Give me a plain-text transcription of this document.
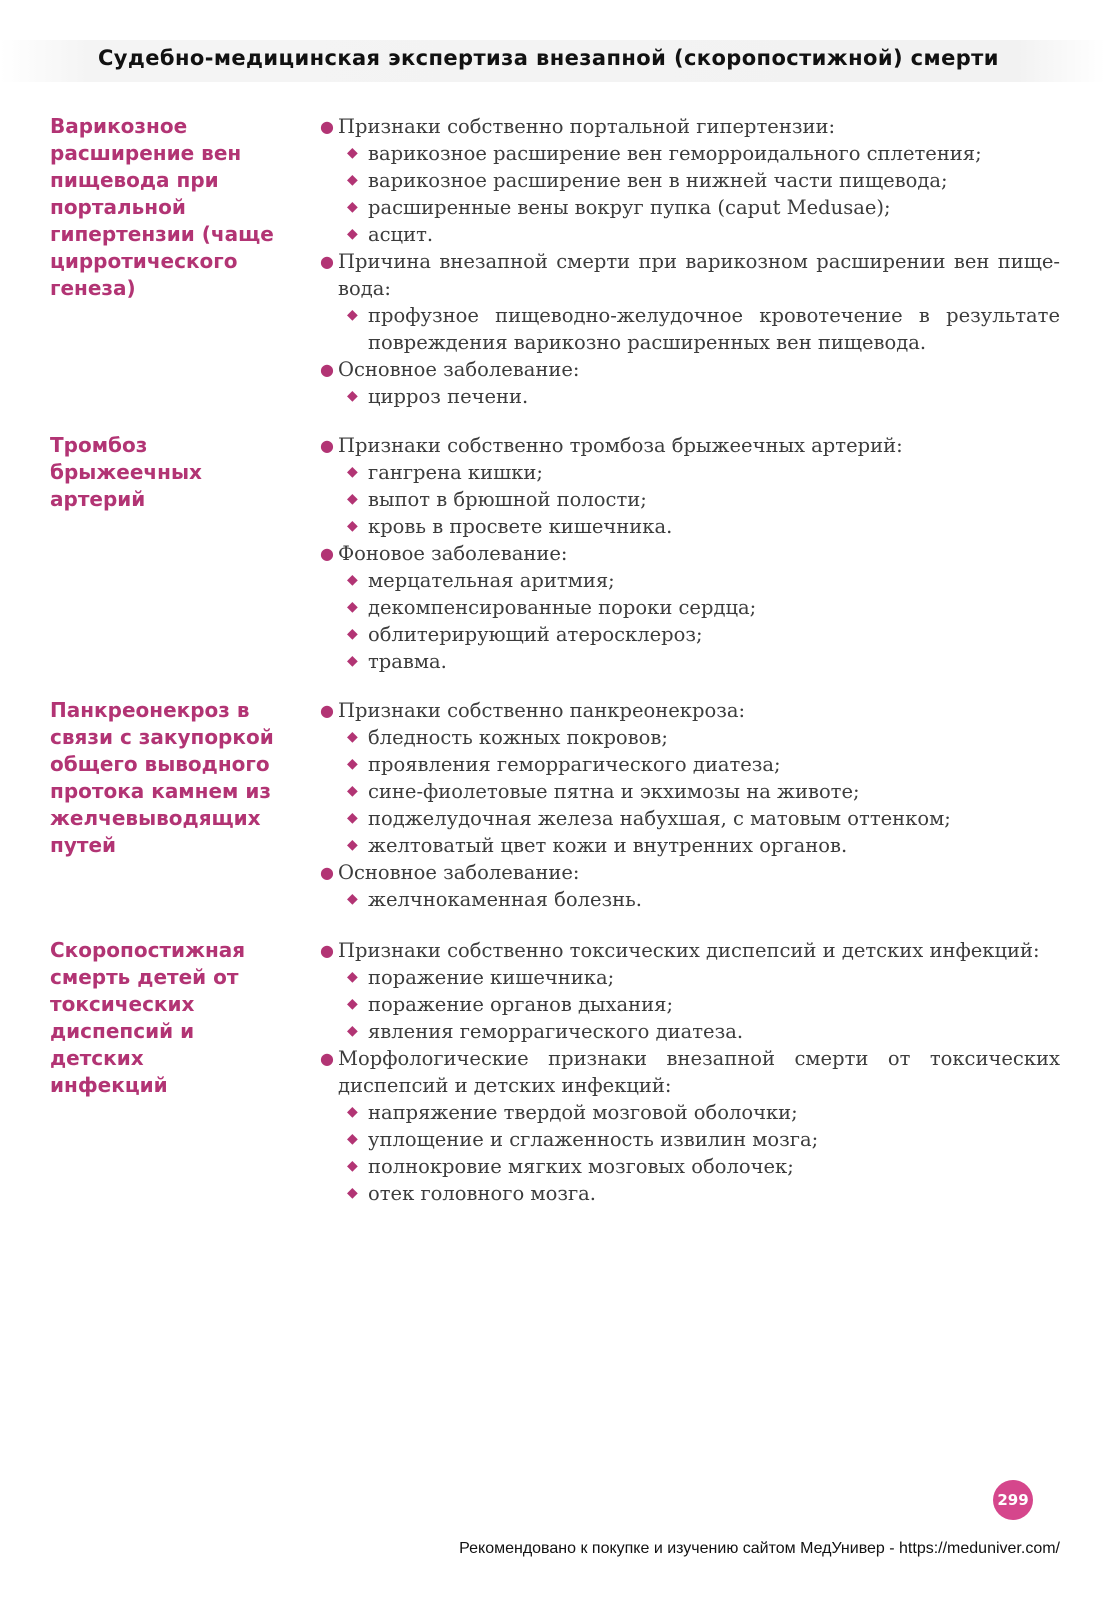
Судебно-медицинская экспертиза внезапной (скоропостижной) смерти
Варикозное расширение вен пищевода при портальной гипертензии (чаще цирротического генеза)
● Признаки собственно портальной гипертензии:
◆ варикозное расширение вен геморроидального сплетения;
◆ варикозное расширение вен в нижней части пищевода;
◆ расширенные вены вокруг пупка (caput Medusae);
◆ асцит.
● Причина внезапной смерти при варикозном расширении вен пище-вода:
◆ профузное пищеводно-желудочное кровотечение в результате повреждения варикозно расширенных вен пищевода.
● Основное заболевание:
◆ цирроз печени.
Тромбоз брыжеечных артерий
● Признаки собственно тромбоза брыжеечных артерий:
◆ гангрена кишки;
◆ выпот в брюшной полости;
◆ кровь в просвете кишечника.
● Фоновое заболевание:
◆ мерцательная аритмия;
◆ декомпенсированные пороки сердца;
◆ облитерирующий атеросклероз;
◆ травма.
Панкреонекроз в связи с закупоркой общего выводного протока камнем из желчевыводящих путей
● Признаки собственно панкреонекроза:
◆ бледность кожных покровов;
◆ проявления геморрагического диатеза;
◆ сине-фиолетовые пятна и экхимозы на животе;
◆ поджелудочная железа набухшая, с матовым оттенком;
◆ желтоватый цвет кожи и внутренних органов.
● Основное заболевание:
◆ желчнокаменная болезнь.
Скоропостижная смерть детей от токсических диспепсий и детских инфекций
● Признаки собственно токсических диспепсий и детских инфекций:
◆ поражение кишечника;
◆ поражение органов дыхания;
◆ явления геморрагического диатеза.
● Морфологические признаки внезапной смерти от токсических диспепсий и детских инфекций:
◆ напряжение твердой мозговой оболочки;
◆ уплощение и сглаженность извилин мозга;
◆ полнокровие мягких мозговых оболочек;
◆ отек головного мозга.
299
Рекомендовано к покупке и изучению сайтом МедУнивер - https://meduniver.com/
